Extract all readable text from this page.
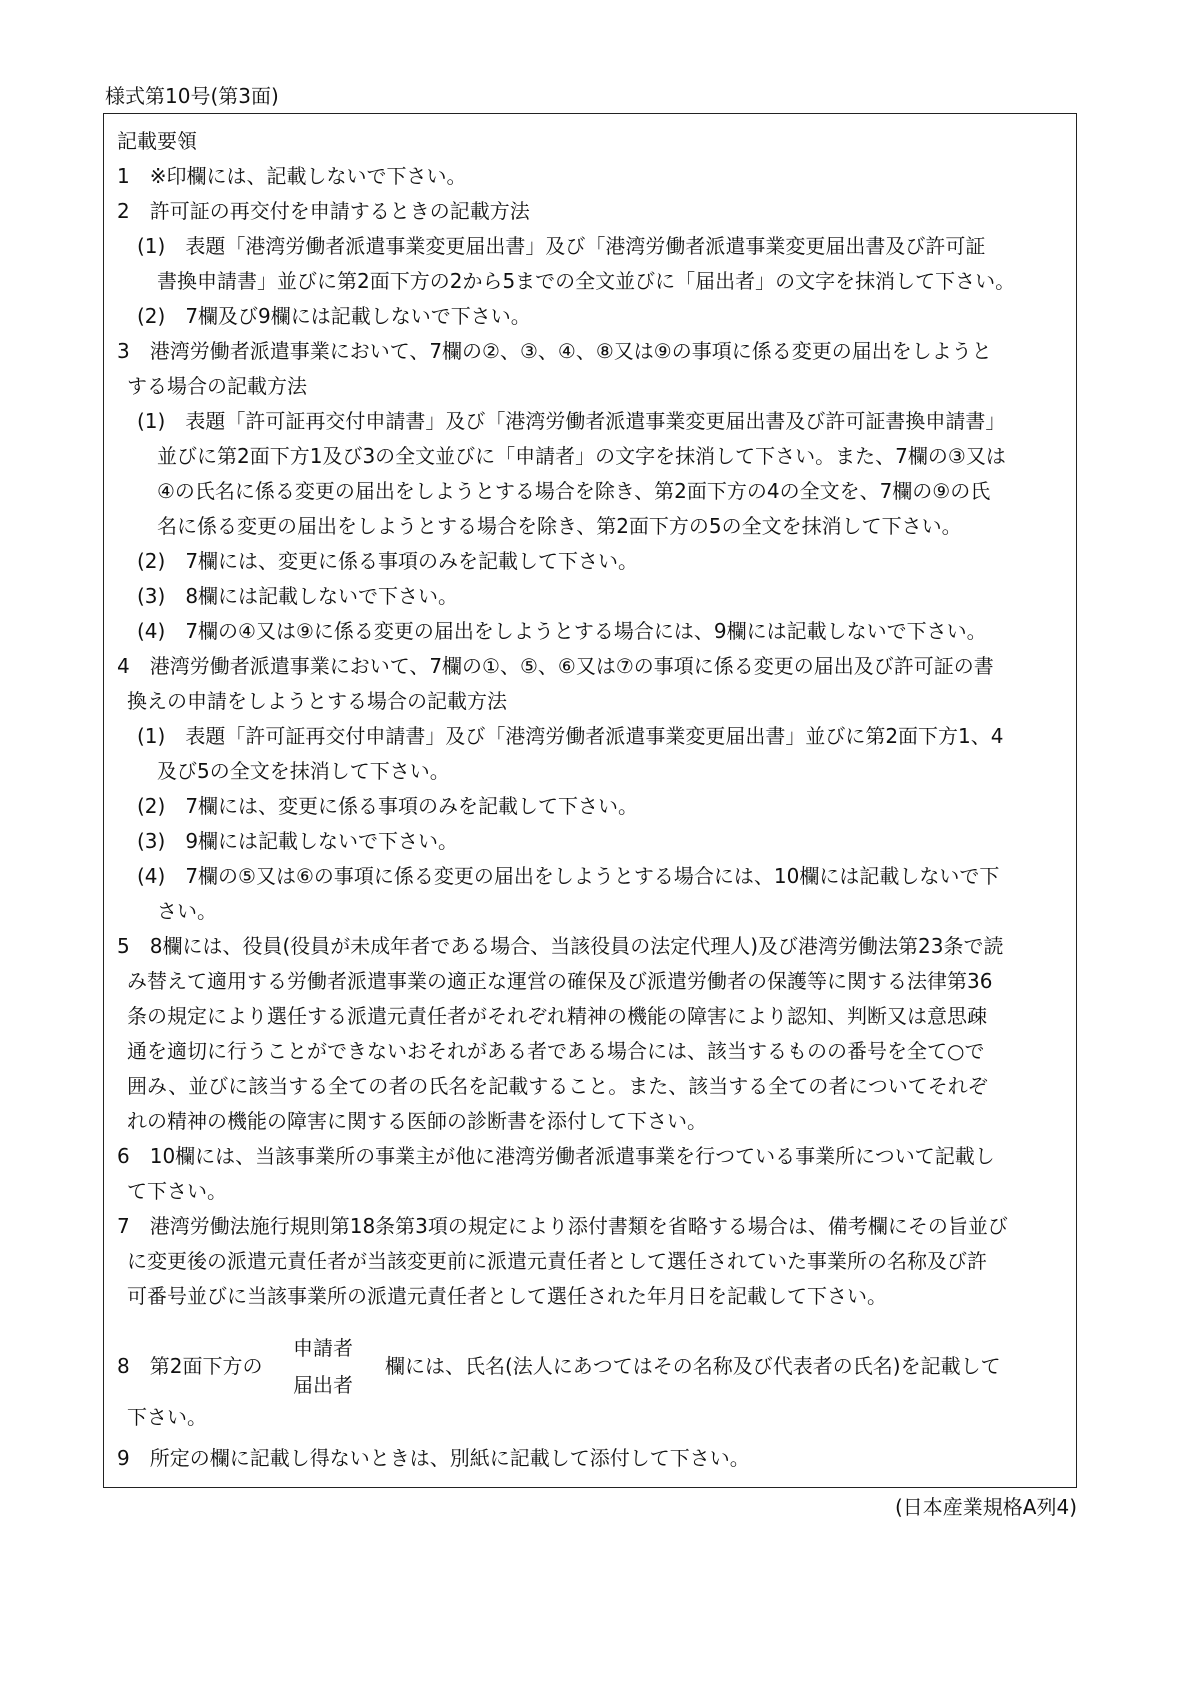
様式第10号(第3面)
記載要領
1　※印欄には、記載しないで下さい。
2　許可証の再交付を申請するときの記載方法
(1)　表題「港湾労働者派遣事業変更届出書」及び「港湾労働者派遣事業変更届出書及び許可証
書換申請書」並びに第2面下方の2から5までの全文並びに「届出者」の文字を抹消して下さい。
(2)　7欄及び9欄には記載しないで下さい。
3　港湾労働者派遣事業において、7欄の②、③、④、⑧又は⑨の事項に係る変更の届出をしようと
する場合の記載方法
(1)　表題「許可証再交付申請書」及び「港湾労働者派遣事業変更届出書及び許可証書換申請書」
並びに第2面下方1及び3の全文並びに「申請者」の文字を抹消して下さい。また、7欄の③又は
④の氏名に係る変更の届出をしようとする場合を除き、第2面下方の4の全文を、7欄の⑨の氏
名に係る変更の届出をしようとする場合を除き、第2面下方の5の全文を抹消して下さい。
(2)　7欄には、変更に係る事項のみを記載して下さい。
(3)　8欄には記載しないで下さい。
(4)　7欄の④又は⑨に係る変更の届出をしようとする場合には、9欄には記載しないで下さい。
4　港湾労働者派遣事業において、7欄の①、⑤、⑥又は⑦の事項に係る変更の届出及び許可証の書
換えの申請をしようとする場合の記載方法
(1)　表題「許可証再交付申請書」及び「港湾労働者派遣事業変更届出書」並びに第2面下方1、4
及び5の全文を抹消して下さい。
(2)　7欄には、変更に係る事項のみを記載して下さい。
(3)　9欄には記載しないで下さい。
(4)　7欄の⑤又は⑥の事項に係る変更の届出をしようとする場合には、10欄には記載しないで下
さい。
5　8欄には、役員(役員が未成年者である場合、当該役員の法定代理人)及び港湾労働法第23条で読
み替えて適用する労働者派遣事業の適正な運営の確保及び派遣労働者の保護等に関する法律第36
条の規定により選任する派遣元責任者がそれぞれ精神の機能の障害により認知、判断又は意思疎
通を適切に行うことができないおそれがある者である場合には、該当するものの番号を全て○で
囲み、並びに該当する全ての者の氏名を記載すること。また、該当する全ての者についてそれぞ
れの精神の機能の障害に関する医師の診断書を添付して下さい。
6　10欄には、当該事業所の事業主が他に港湾労働者派遣事業を行つている事業所について記載し
て下さい。
7　港湾労働法施行規則第18条第3項の規定により添付書類を省略する場合は、備考欄にその旨並び
に変更後の派遣元責任者が当該変更前に派遣元責任者として選任されていた事業所の名称及び許
可番号並びに当該事業所の派遣元責任者として選任された年月日を記載して下さい。
8　第2面下方の
申請者
届出者
欄には、氏名(法人にあつてはその名称及び代表者の氏名)を記載して
下さい。
9　所定の欄に記載し得ないときは、別紙に記載して添付して下さい。
(日本産業規格A列4)
